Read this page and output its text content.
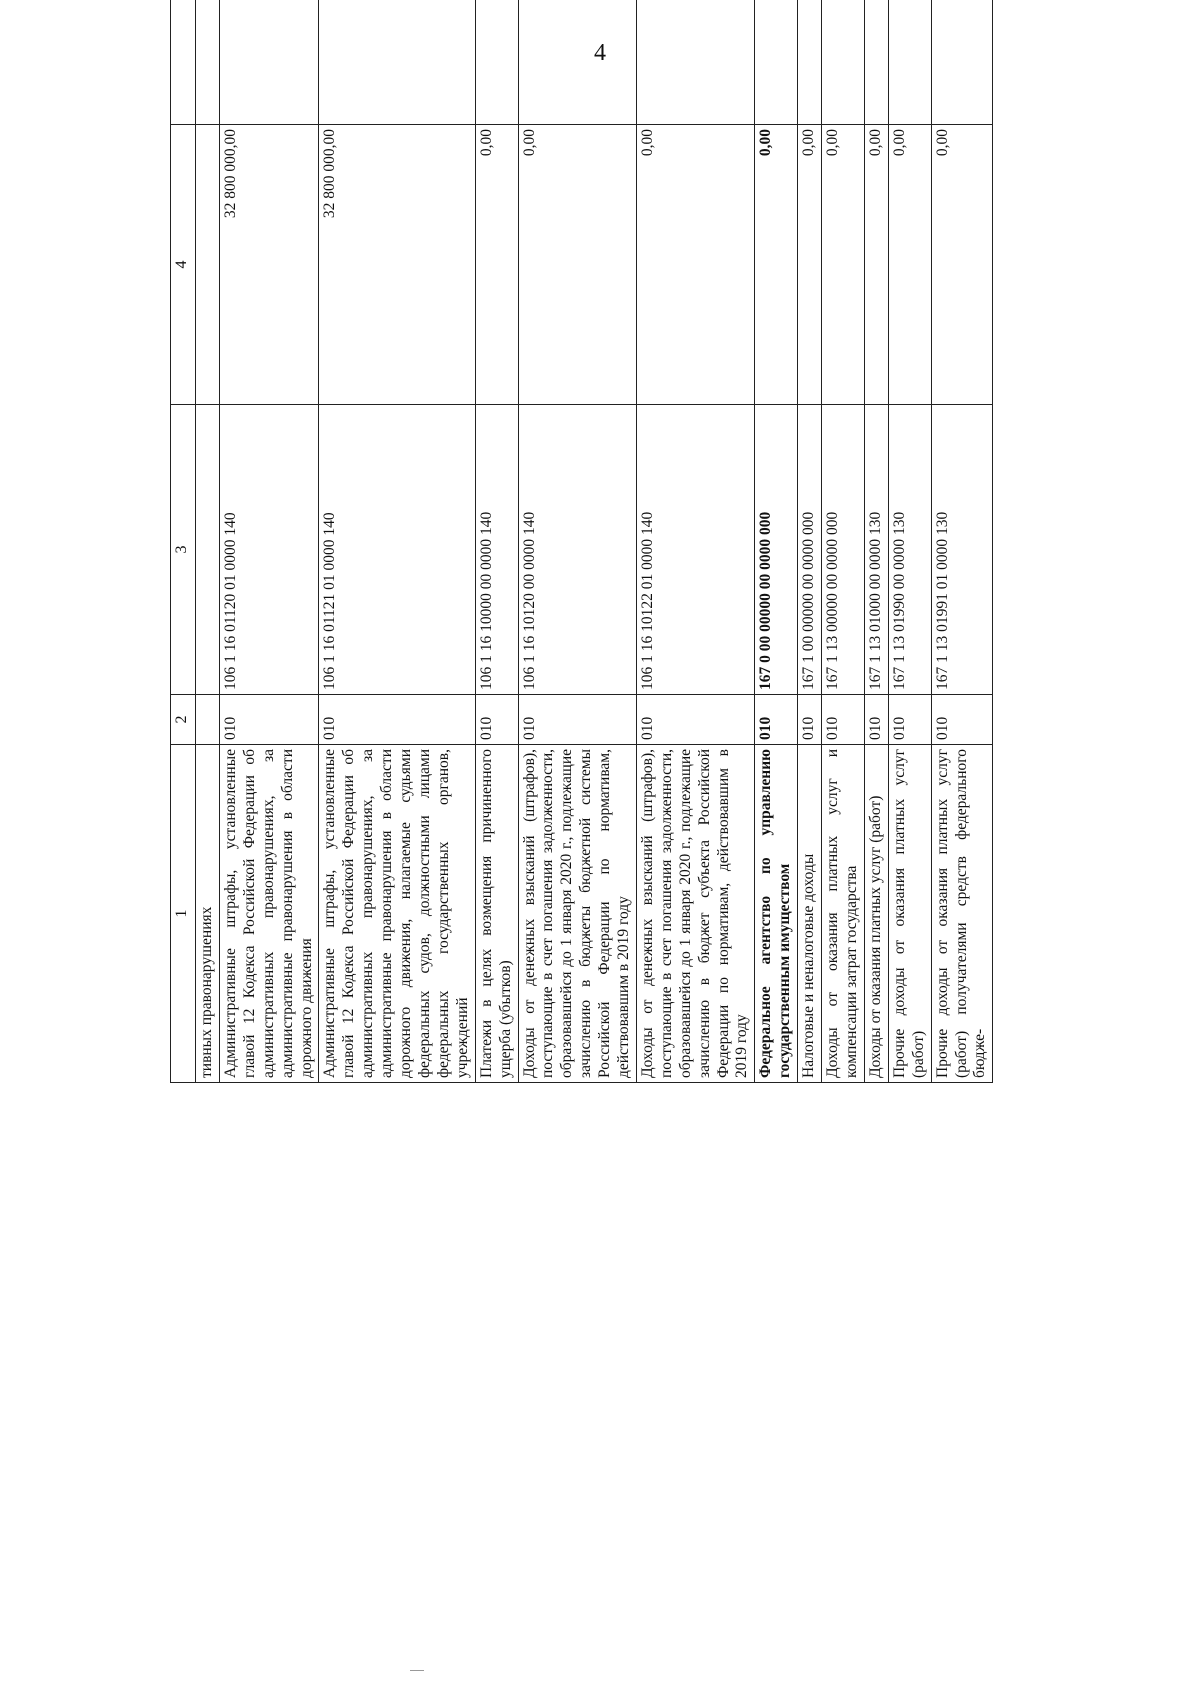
4
1	2	3	4		
тивных правонарушениях					
Административные штрафы, установленные главой 12 Кодекса Российской Федерации об административных правонарушениях, за административные правонарушения в области дорожного движения	010	106 1 16 01120 01 0000 140	32 800 000,00		
Административные штрафы, установленные главой 12 Кодекса Российской Федерации об административных правонарушениях, за административные правонарушения в области дорожного движения, налагаемые судьями федеральных судов, должностными лицами федеральных государственных органов, учреждений	010	106 1 16 01121 01 0000 140	32 800 000,00		
Платежи в целях возмещения причиненного ущерба (убытков)	010	106 1 16 10000 00 0000 140	0,00		
Доходы от денежных взысканий (штрафов), поступающие в счет погашения задолженности, образовавшейся до 1 января 2020 г., подлежащие зачислению в бюджеты бюджетной системы Российской Федерации по нормативам, действовавшим в 2019 году	010	106 1 16 10120 00 0000 140	0,00		
Доходы от денежных взысканий (штрафов), поступающие в счет погашения задолженности, образовавшейся до 1 января 2020 г., подлежащие зачислению в бюджет субъекта Российской Федерации по нормативам, действовавшим в 2019 году	010	106 1 16 10122 01 0000 140	0,00		
Федеральное агентство по управлению государственным имуществом	010	167 0 00 00000 00 0000 000	0,00		
Налоговые и неналоговые доходы	010	167 1 00 00000 00 0000 000	0,00		
Доходы от оказания платных услуг и компенсации затрат государства	010	167 1 13 00000 00 0000 000	0,00		
Доходы от оказания платных услуг (работ)	010	167 1 13 01000 00 0000 130	0,00		
Прочие доходы от оказания платных услуг (работ)	010	167 1 13 01990 00 0000 130	0,00		
Прочие доходы от оказания платных услуг (работ) получателями средств федерального бюдже-	010	167 1 13 01991 01 0000 130	0,00		
